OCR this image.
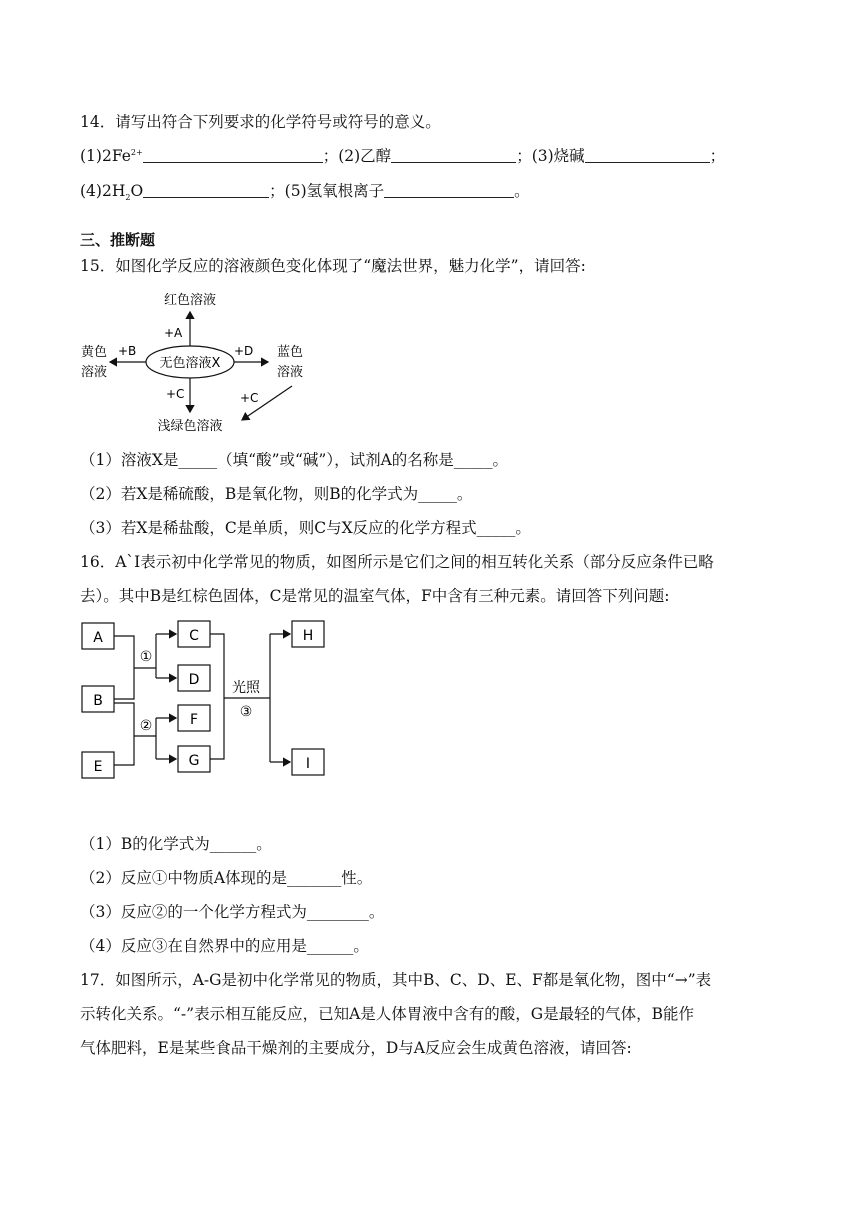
14．请写出符合下列要求的化学符号或符号的意义。
$(1)2Fe^{2+}$	；(2)乙醇	；(3)烧碱	；
$(4)2H_2O$	；(5)氢氧根离子	。
三、推断题
15．如图化学反应的溶液颜色变化体现了“魔法世界，魅力化学”，请回答:
无色溶液X
红色溶液
黄色
溶液
蓝色
溶液
浅绿色溶液
+A
+B	+D
+C	+C
（1）溶液X是_____（填“酸”或“碱”），试剂A的名称是_____。
（2）若X是稀硫酸，B是氧化物，则B的化学式为_____。
（3）若X是稀盐酸，C是单质，则C与X反应的化学方程式_____。
16．A`I表示初中化学常见的物质，如图所示是它们之间的相互转化关系（部分反应条件已略
去）。其中B是红棕色固体，C是常见的温室气体，F中含有三种元素。请回答下列问题:
A
B
E
C
D
F
G
H
I
①
②
光照
③
（1）B的化学式为______。
（2）反应①中物质A体现的是_______性。
（3）反应②的一个化学方程式为________。
（4）反应③在自然界中的应用是______。
17．如图所示，A-G是初中化学常见的物质，其中B、C、D、E、F都是氧化物，图中“→”表
示转化关系。“-”表示相互能反应，已知A是人体胃液中含有的酸，G是最轻的气体，B能作
气体肥料，E是某些食品干燥剂的主要成分，D与A反应会生成黄色溶液，请回答:
